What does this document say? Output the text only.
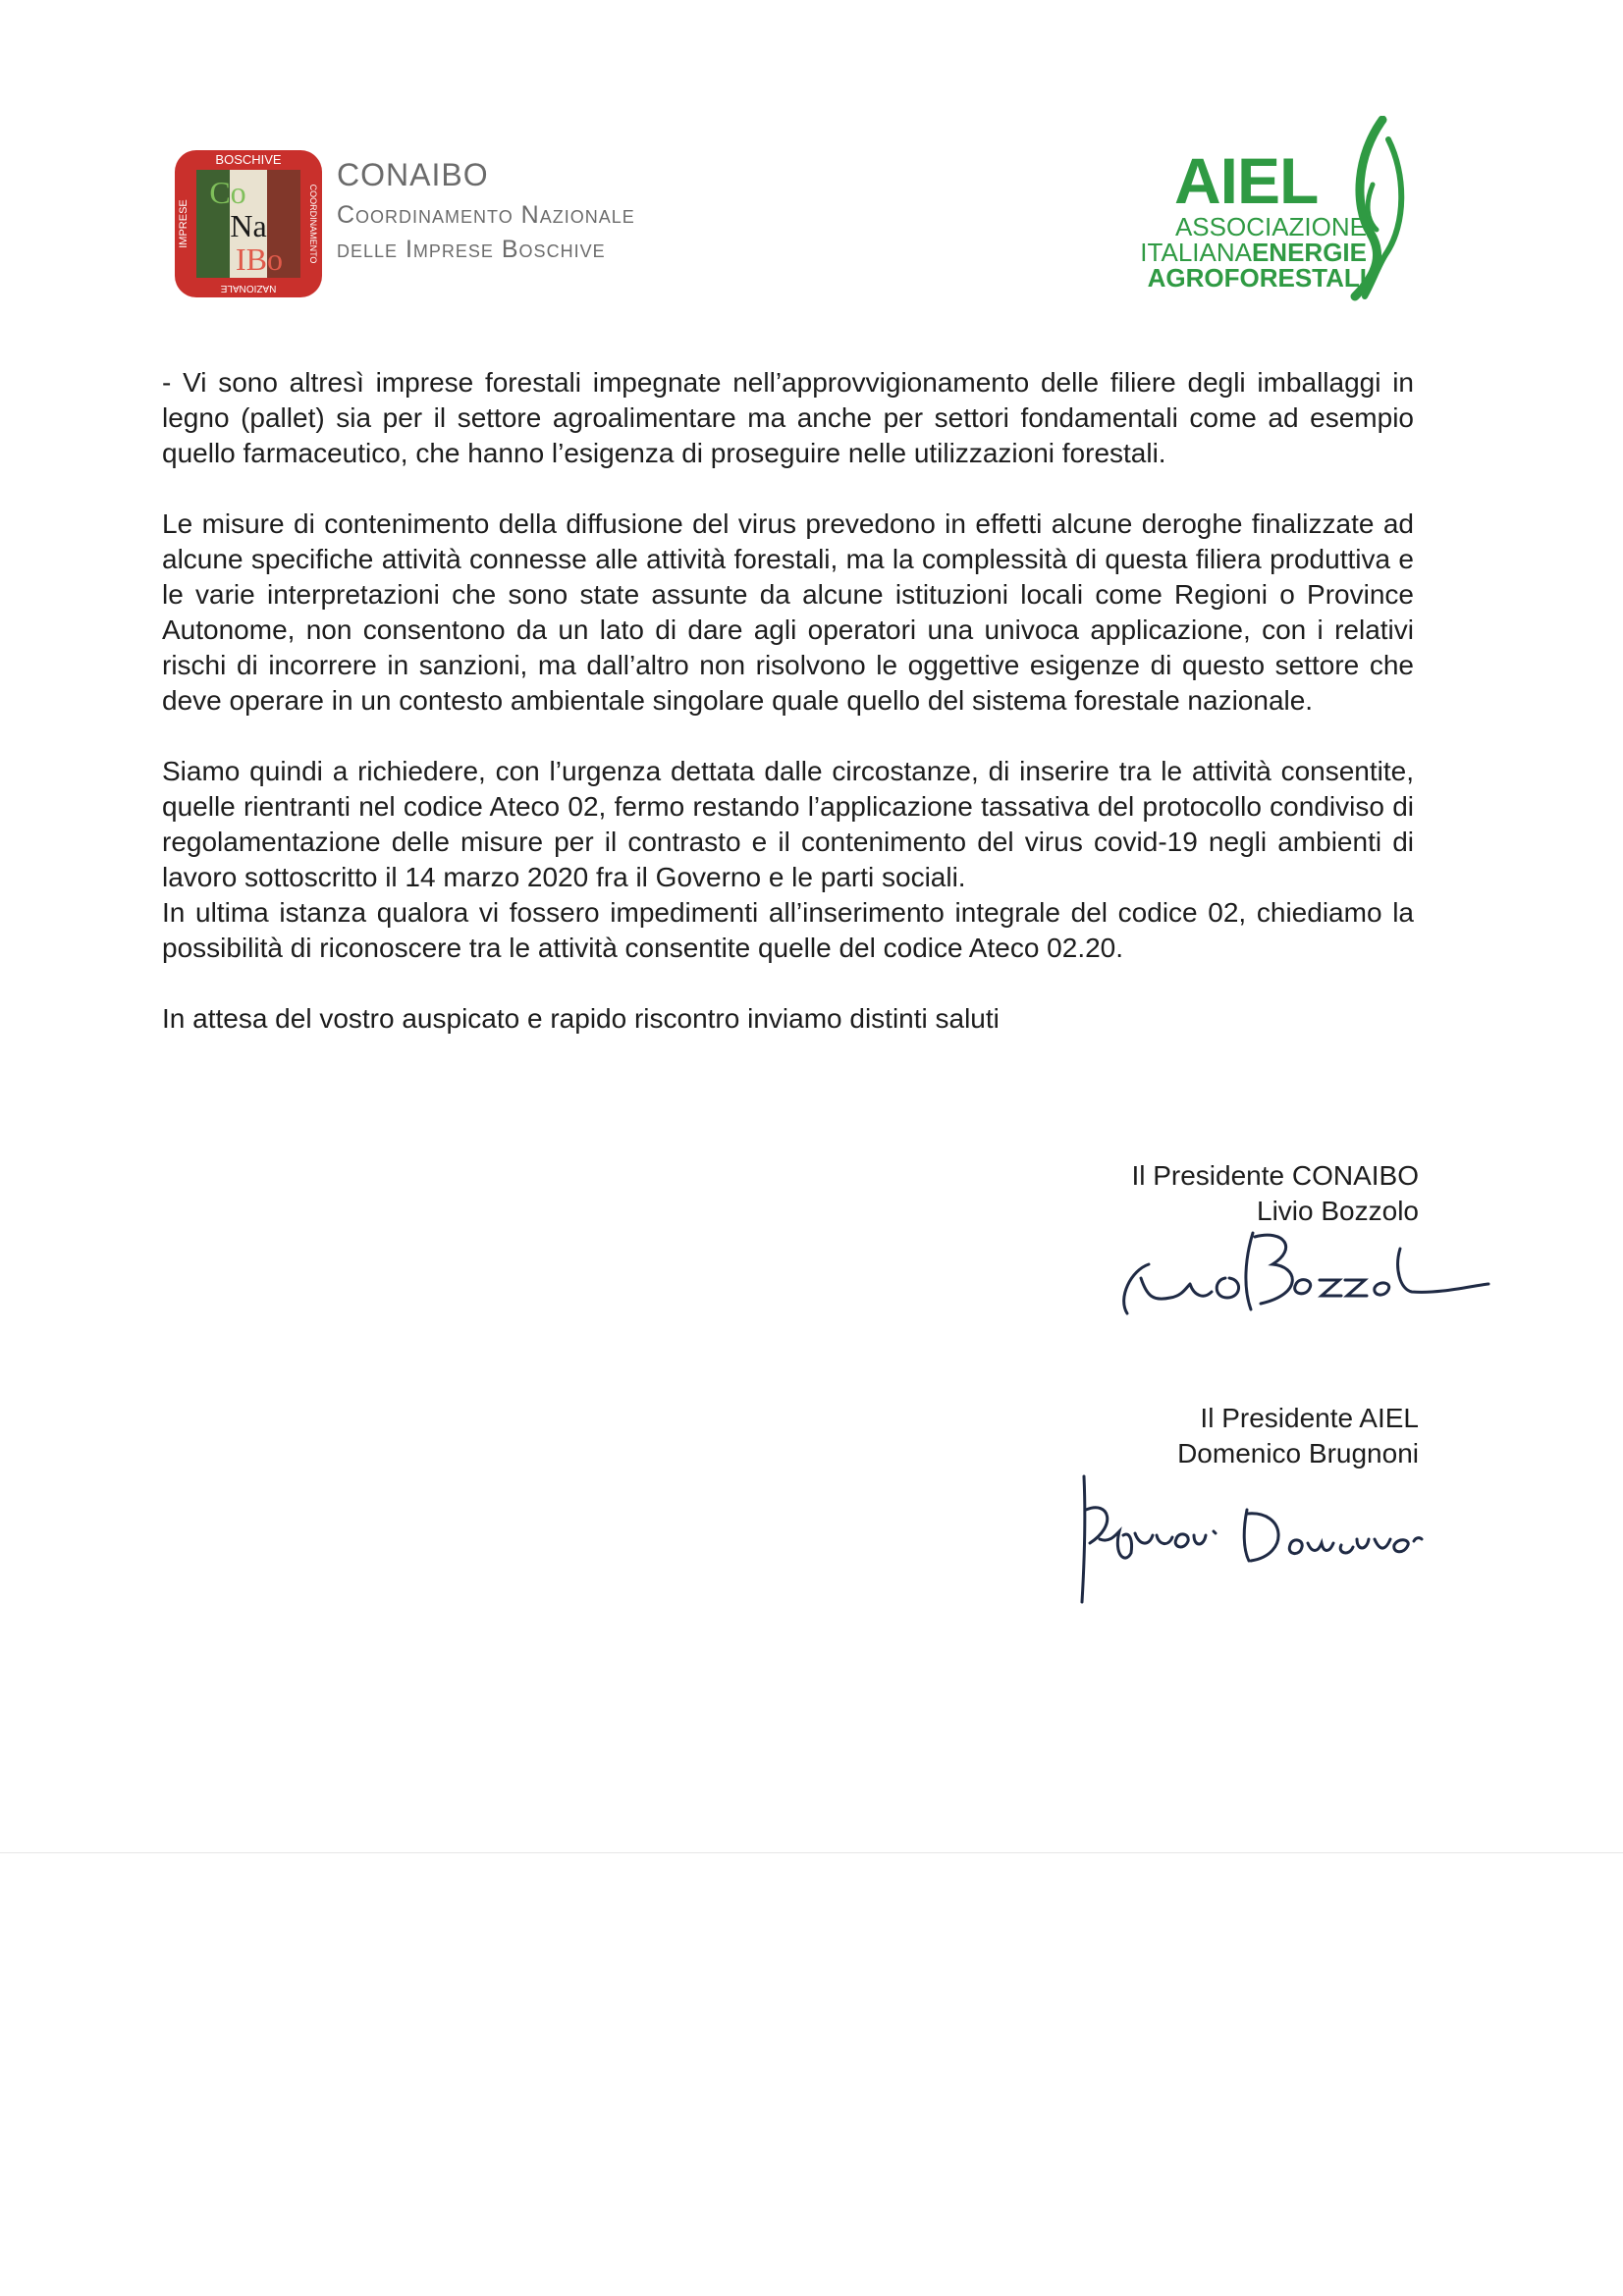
BOSCHIVE
NAZIONALE
IMPRESE	COORDINAMENTO
Co
Na
IBo
CONAIBO
Coordinamento Nazionale
delle Imprese Boschive
AIEL
ASSOCIAZIONE
ITALIANAENERGIE
AGROFORESTALI

- Vi sono altresì imprese forestali impegnate nell’approvvigionamento delle filiere degli imballaggi in legno (pallet) sia per il settore agroalimentare ma anche per settori fondamentali come ad esempio quello farmaceutico, che hanno l’esigenza di proseguire nelle utilizzazioni forestali.

Le misure di contenimento della diffusione del virus prevedono in effetti alcune deroghe finalizzate ad alcune specifiche attività connesse alle attività forestali, ma la complessità di questa filiera produttiva e le varie interpretazioni che sono state assunte da alcune istituzioni locali come Regioni o Province Autonome, non consentono da un lato di dare agli operatori una univoca applicazione, con i relativi rischi di incorrere in sanzioni, ma dall’altro non risolvono le oggettive esigenze di questo settore che deve operare in un contesto ambientale singolare quale quello del sistema forestale nazionale.

Siamo quindi a richiedere, con l’urgenza dettata dalle circostanze, di inserire tra le attività consentite, quelle rientranti nel codice Ateco 02, fermo restando l’applicazione tassativa del protocollo condiviso di regolamentazione delle misure per il contrasto e il contenimento del virus covid-19 negli ambienti di lavoro sottoscritto il 14 marzo 2020 fra il Governo e le parti sociali.

In ultima istanza qualora vi fossero impedimenti all’inserimento integrale del codice 02, chiediamo la possibilità di riconoscere tra le attività consentite quelle del codice Ateco 02.20.

In attesa del vostro auspicato e rapido riscontro inviamo distinti saluti

Il Presidente CONAIBO
Livio Bozzolo
Il Presidente AIEL
Domenico Brugnoni
